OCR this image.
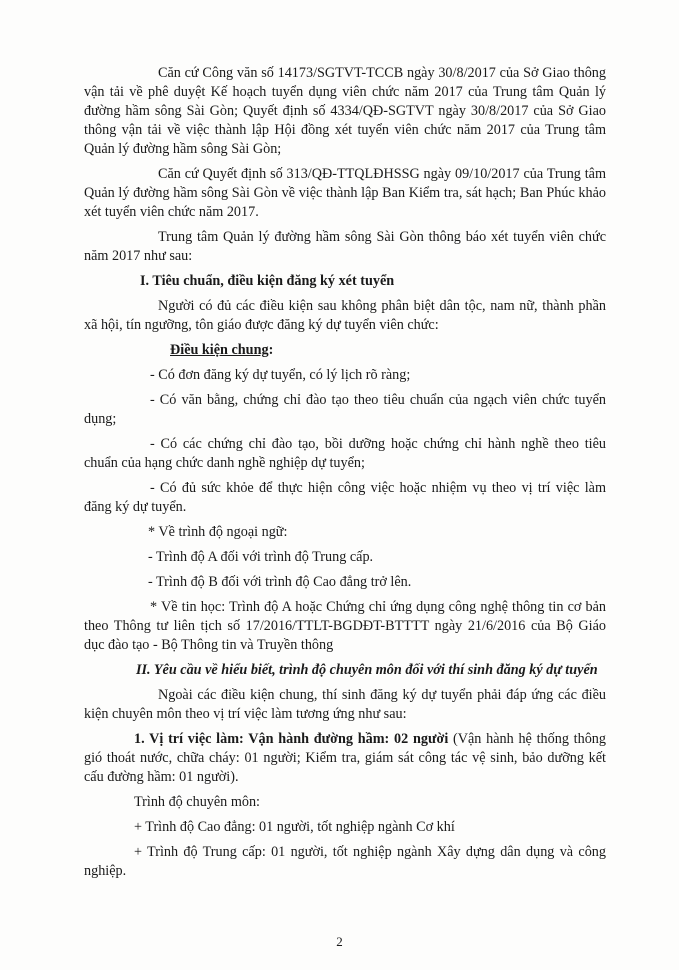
Căn cứ Công văn số 14173/SGTVT-TCCB ngày 30/8/2017 của Sở Giao thông vận tải về phê duyệt Kế hoạch tuyển dụng viên chức năm 2017 của Trung tâm Quản lý đường hầm sông Sài Gòn; Quyết định số 4334/QĐ-SGTVT ngày 30/8/2017 của Sở Giao thông vận tải về việc thành lập Hội đồng xét tuyển viên chức năm 2017 của Trung tâm Quản lý đường hầm sông Sài Gòn;

Căn cứ Quyết định số 313/QĐ-TTQLĐHSSG ngày 09/10/2017 của Trung tâm Quản lý đường hầm sông Sài Gòn về việc thành lập Ban Kiểm tra, sát hạch; Ban Phúc khảo xét tuyển viên chức năm 2017.

Trung tâm Quản lý đường hầm sông Sài Gòn thông báo xét tuyển viên chức năm 2017 như sau:

I. Tiêu chuẩn, điều kiện đăng ký xét tuyển

Người có đủ các điều kiện sau không phân biệt dân tộc, nam nữ, thành phần xã hội, tín ngưỡng, tôn giáo được đăng ký dự tuyển viên chức:

Điều kiện chung:

- Có đơn đăng ký dự tuyển, có lý lịch rõ ràng;

- Có văn bằng, chứng chỉ đào tạo theo tiêu chuẩn của ngạch viên chức tuyển dụng;

- Có các chứng chỉ đào tạo, bồi dưỡng hoặc chứng chỉ hành nghề theo tiêu chuẩn của hạng chức danh nghề nghiệp dự tuyển;

- Có đủ sức khỏe để thực hiện công việc hoặc nhiệm vụ theo vị trí việc làm đăng ký dự tuyển.

* Về trình độ ngoại ngữ:

- Trình độ A đối với trình độ Trung cấp.

- Trình độ B đối với trình độ Cao đẳng trở lên.

* Về tin học: Trình độ A hoặc Chứng chỉ ứng dụng công nghệ thông tin cơ bản theo Thông tư liên tịch số 17/2016/TTLT-BGDĐT-BTTTT ngày 21/6/2016 của Bộ Giáo dục đào tạo - Bộ Thông tin và Truyền thông

II. Yêu cầu về hiểu biết, trình độ chuyên môn đối với thí sinh đăng ký dự tuyển

Ngoài các điều kiện chung, thí sinh đăng ký dự tuyển phải đáp ứng các điều kiện chuyên môn theo vị trí việc làm tương ứng như sau:

1. Vị trí việc làm: Vận hành đường hầm: 02 người (Vận hành hệ thống thông gió thoát nước, chữa cháy: 01 người; Kiểm tra, giám sát công tác vệ sinh, bảo dưỡng kết cấu đường hầm: 01 người).

Trình độ chuyên môn:

+ Trình độ Cao đẳng: 01 người, tốt nghiệp ngành Cơ khí

+ Trình độ Trung cấp: 01 người, tốt nghiệp ngành Xây dựng dân dụng và công nghiệp.

2
